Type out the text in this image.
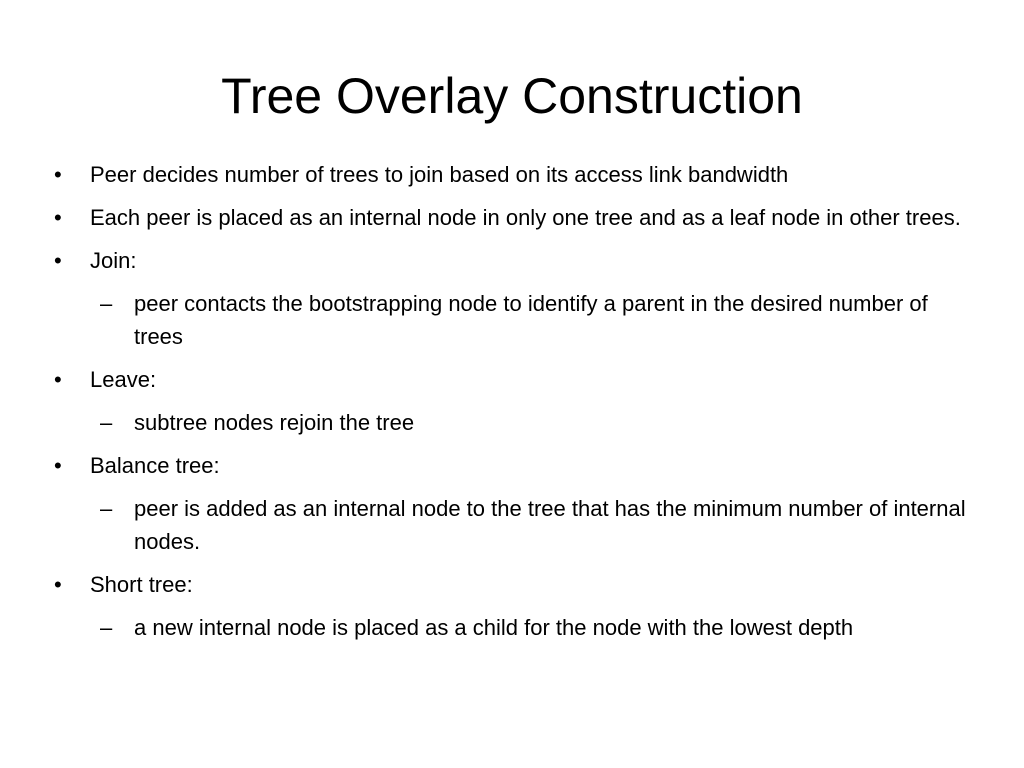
Tree Overlay Construction
•	Peer decides number of trees to join based on its access link bandwidth
•	Each peer is placed as an internal node in only one tree and as a leaf node in other trees.
•	Join:
– peer contacts the bootstrapping node to identify a parent in the desired number of trees
•	Leave:
– subtree nodes rejoin the tree
•	Balance tree:
– peer is added as an internal node to the tree that has the minimum number of internal nodes.
•	Short tree:
– a new internal node is placed as a child for the node with the lowest depth
